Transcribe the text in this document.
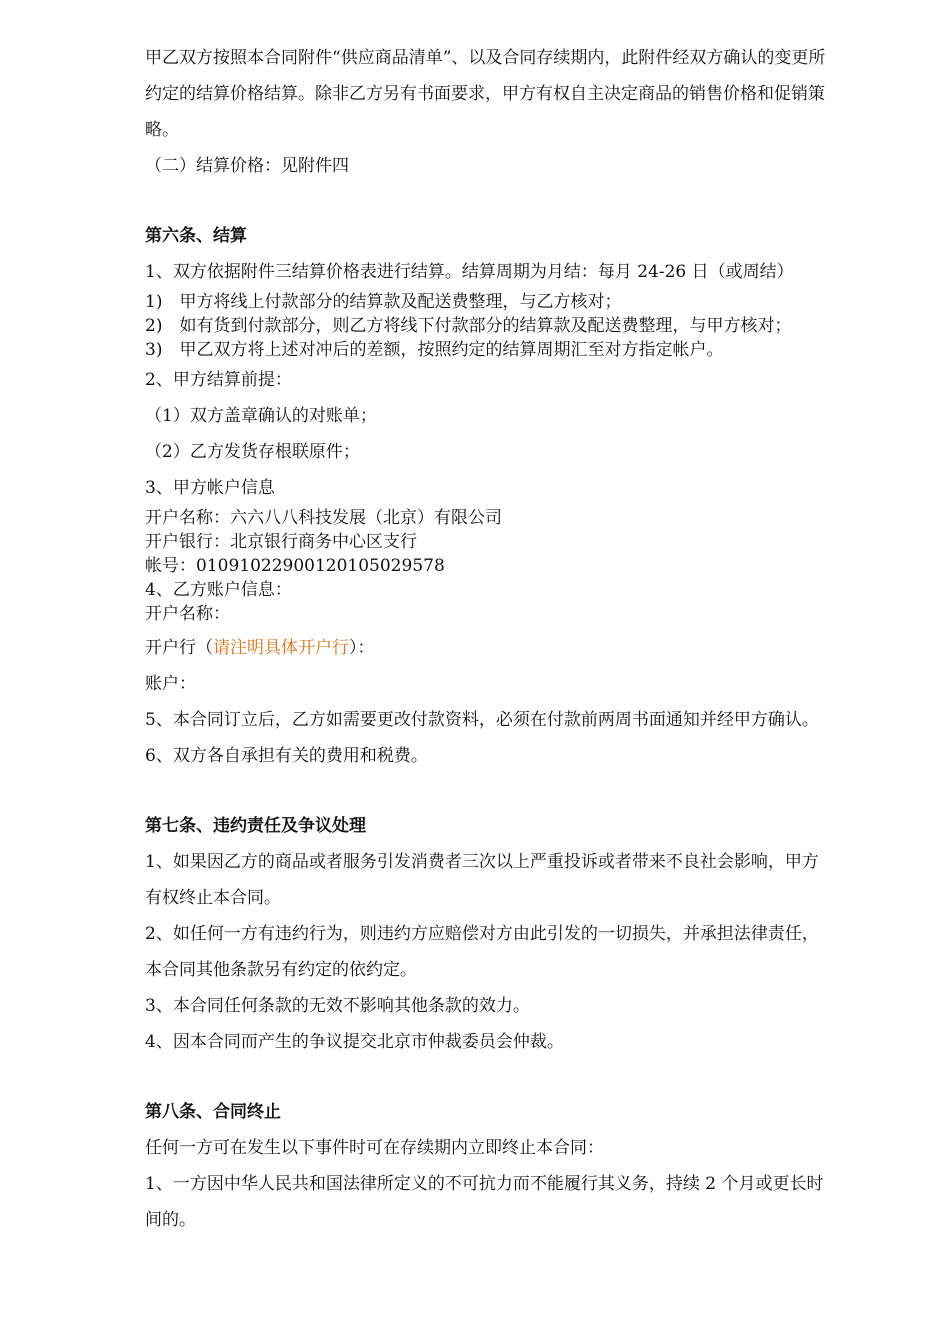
甲乙双方按照本合同附件“供应商品清单”、以及合同存续期内，此附件经双方确认的变更所约定的结算价格结算。除非乙方另有书面要求，甲方有权自主决定商品的销售价格和促销策略。

（二）结算价格：见附件四

第六条、结算

1、双方依据附件三结算价格表进行结算。结算周期为月结：每月 24-26 日（或周结）

1)　甲方将线上付款部分的结算款及配送费整理，与乙方核对；

2)　如有货到付款部分，则乙方将线下付款部分的结算款及配送费整理，与甲方核对；

3)　甲乙双方将上述对冲后的差额，按照约定的结算周期汇至对方指定帐户。

2、甲方结算前提：

（1）双方盖章确认的对账单；

（2）乙方发货存根联原件；

3、甲方帐户信息

开户名称：六六八八科技发展（北京）有限公司

开户银行：北京银行商务中心区支行

帐号：01091022900120105029578

4、乙方账户信息：

开户名称：

开户行（请注明具体开户行）：

账户：

5、本合同订立后，乙方如需要更改付款资料，必须在付款前两周书面通知并经甲方确认。

6、双方各自承担有关的费用和税费。

第七条、违约责任及争议处理

1、如果因乙方的商品或者服务引发消费者三次以上严重投诉或者带来不良社会影响，甲方有权终止本合同。

2、如任何一方有违约行为，则违约方应赔偿对方由此引发的一切损失，并承担法律责任，本合同其他条款另有约定的依约定。

3、本合同任何条款的无效不影响其他条款的效力。

4、因本合同而产生的争议提交北京市仲裁委员会仲裁。

第八条、合同终止

任何一方可在发生以下事件时可在存续期内立即终止本合同：

1、一方因中华人民共和国法律所定义的不可抗力而不能履行其义务，持续 2 个月或更长时间的。
